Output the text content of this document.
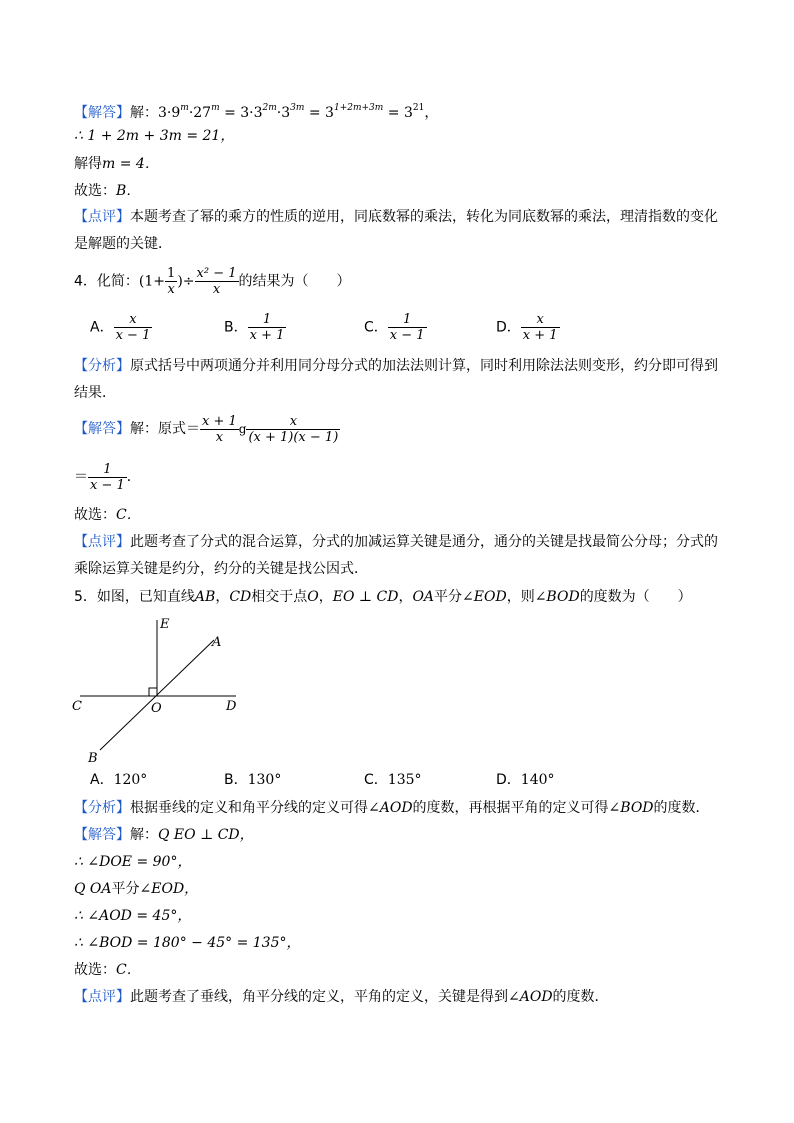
【解答】解：$3\cdot 9^m\cdot 27^m = 3\cdot 3^{2m}\cdot 3^{3m} = 3^{1+2m+3m} = 3^{21}$，
∴ 1 + 2m + 3m = 21，
解得m = 4．
故选：B．
【点评】本题考查了幂的乘方的性质的逆用，同底数幂的乘法，转化为同底数幂的乘法，理清指数的变化
是解题的关键．
4．化简：($1+ \frac{1}{x}$ )÷ $\frac{\text{x² − 1}}{x}$ 的结果为（　　）
A． $\frac{x}{x - 1}$	B． $\frac{1}{x + 1}$	C． $\frac{1}{x - 1}$	D． $\frac{x}{x + 1}$
【分析】原式括号中两项通分并利用同分母分式的加法法则计算，同时利用除法法则变形，约分即可得到
结果．
【解答】解：原式＝ $\frac{x + 1}{x}$ g $\frac{x}{(x + 1)(x - 1)}$
＝ $\frac{1}{x - 1}$ ．
故选：C．
【点评】此题考查了分式的混合运算，分式的加减运算关键是通分，通分的关键是找最简公分母；分式的
乘除运算关键是约分，约分的关键是找公因式．
5．如图，已知直线AB，CD相交于点O，EO ⊥ CD，OA平分∠EOD，则∠BOD的度数为（　　）
E
A
C	O	D
B
A．120°	B．130°	C．135°	D．140°
【分析】根据垂线的定义和角平分线的定义可得∠AOD的度数，再根据平角的定义可得∠BOD的度数．
【解答】解：Q EO ⊥ CD，
∴ ∠DOE = 90°，
Q OA平分∠EOD，
∴ ∠AOD = 45°，
∴ ∠BOD = 180° − 45° = 135°，
故选：C．
【点评】此题考查了垂线，角平分线的定义，平角的定义，关键是得到∠AOD的度数．
